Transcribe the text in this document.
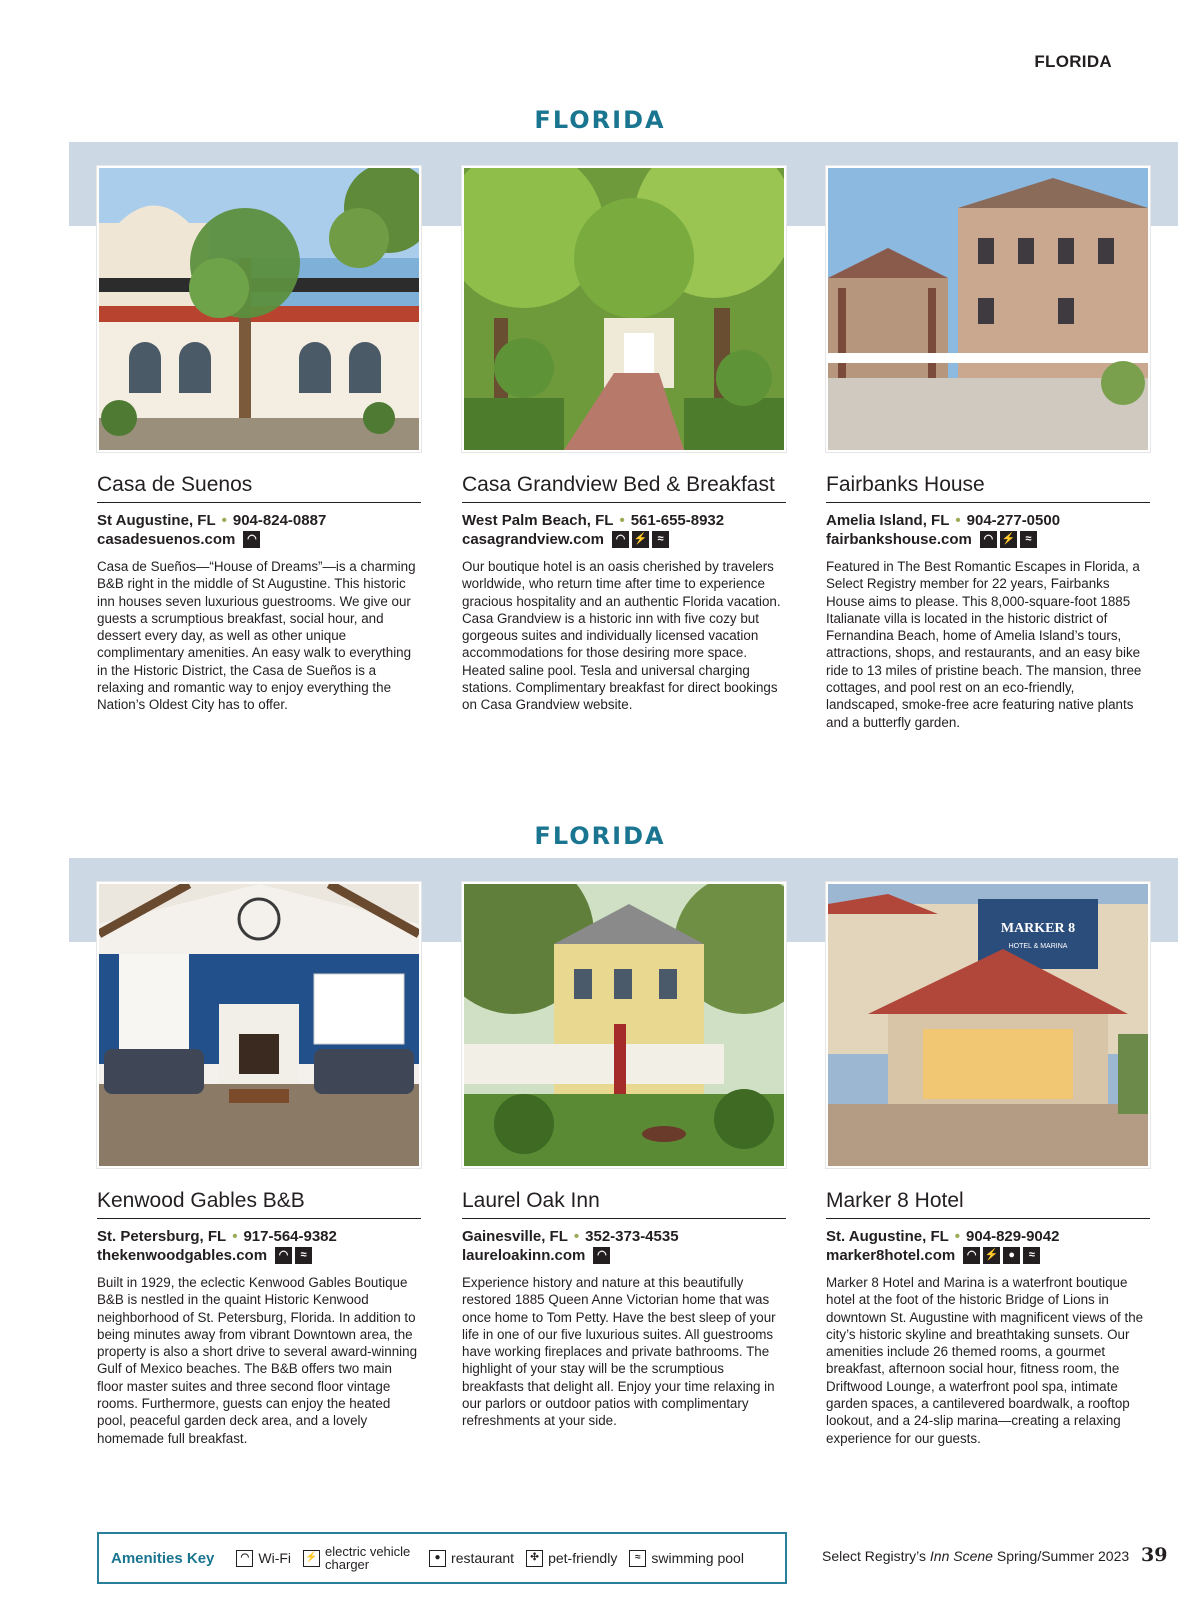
FLORIDA
FLORIDA
Casa de Suenos
St Augustine, FL • 904-824-0887
casadesuenos.com	◠
Casa de Sueños—“House of Dreams”—is a charming B&B right in the middle of St Augustine. This historic inn houses seven luxurious guestrooms. We give our guests a scrumptious breakfast, social hour, and dessert every day, as well as other unique complimentary amenities. An easy walk to everything in the Historic District, the Casa de Sueños is a relaxing and romantic way to enjoy everything the Nation’s Oldest City has to offer.
Casa Grandview Bed & Breakfast
West Palm Beach, FL • 561-655-8932
casagrandview.com	◠ ⚡ ≈
Our boutique hotel is an oasis cherished by travelers worldwide, who return time after time to experience gracious hospitality and an authentic Florida vacation. Casa Grandview is a historic inn with five cozy but gorgeous suites and individually licensed vacation accommodations for those desiring more space. Heated saline pool. Tesla and universal charging stations. Complimentary breakfast for direct bookings on Casa Grandview website.
Fairbanks House
Amelia Island, FL • 904-277-0500
fairbankshouse.com	◠ ⚡ ≈
Featured in The Best Romantic Escapes in Florida, a Select Registry member for 22 years, Fairbanks House aims to please. This 8,000-square-foot 1885 Italianate villa is located in the historic district of Fernandina Beach, home of Amelia Island’s tours, attractions, shops, and restaurants, and an easy bike ride to 13 miles of pristine beach. The mansion, three cottages, and pool rest on an eco-friendly, landscaped, smoke-free acre featuring native plants and a butterfly garden.
FLORIDA
Kenwood Gables B&B
St. Petersburg, FL • 917-564-9382
thekenwoodgables.com	◠	≈
Built in 1929, the eclectic Kenwood Gables Boutique B&B is nestled in the quaint Historic Kenwood neighborhood of St. Petersburg, Florida. In addition to being minutes away from vibrant Downtown area, the property is also a short drive to several award-winning Gulf of Mexico beaches. The B&B offers two main floor master suites and three second floor vintage rooms. Furthermore, guests can enjoy the heated pool, peaceful garden deck area, and a lovely homemade full breakfast.
Laurel Oak Inn
Gainesville, FL • 352-373-4535
laureloakinn.com	◠
Experience history and nature at this beautifully restored 1885 Queen Anne Victorian home that was once home to Tom Petty. Have the best sleep of your life in one of our five luxurious suites. All guestrooms have working fireplaces and private bathrooms. The highlight of your stay will be the scrumptious breakfasts that delight all. Enjoy your time relaxing in our parlors or outdoor patios with complimentary refreshments at your side.
MARKER 8
HOTEL & MARINA
Marker 8 Hotel
St. Augustine, FL • 904-829-9042
marker8hotel.com	◠ ⚡ ●	≈
Marker 8 Hotel and Marina is a waterfront boutique hotel at the foot of the historic Bridge of Lions in downtown St. Augustine with magnificent views of the city’s historic skyline and breathtaking sunsets. Our amenities include 26 themed rooms, a gourmet breakfast, afternoon social hour, fitness room, the Driftwood Lounge, a waterfront pool spa, intimate garden spaces, a cantilevered boardwalk, a rooftop lookout, and a 24-slip marina—creating a relaxing experience for our guests.
Amenities Key	◠ Wi-Fi ⚡ electric vehicle charger	● restaurant	✣ pet-friendly	≈ swimming pool	Select Registry’s Inn Scene Spring/Summer 2023 39
